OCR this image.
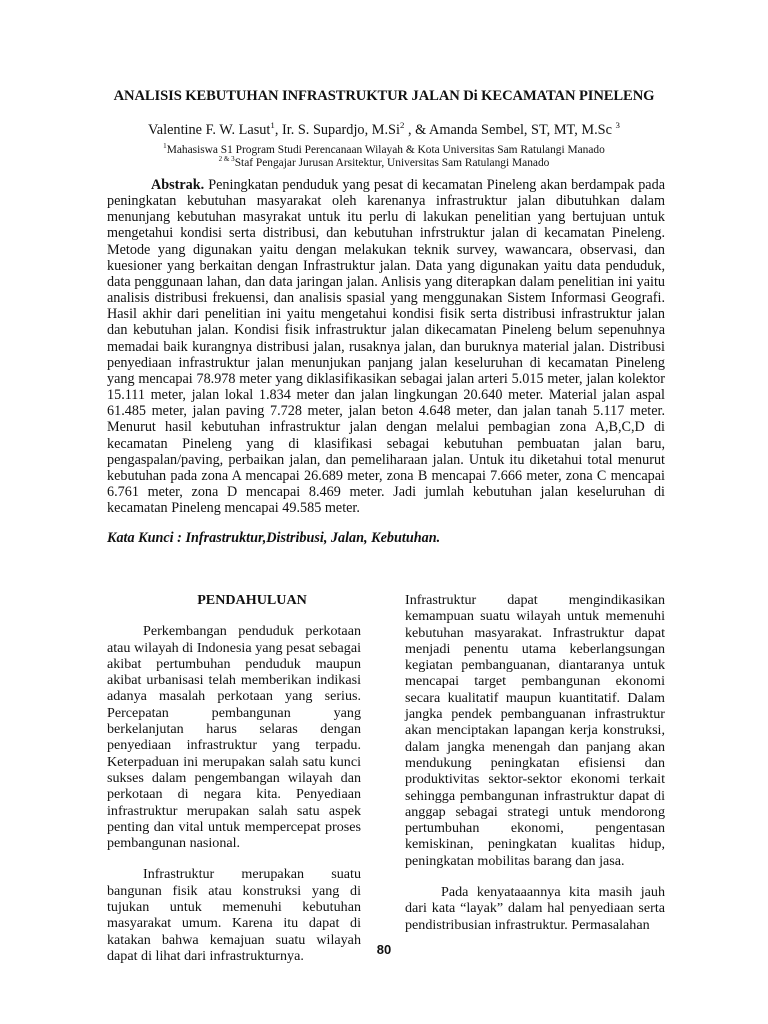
ANALISIS KEBUTUHAN INFRASTRUKTUR JALAN Di KECAMATAN PINELENG
Valentine F. W. Lasut$^1$, Ir. S. Supardjo, M.Si$^2$ , & Amanda Sembel, ST, MT, M.Sc $^3$
$^1$Mahasiswa S1 Program Studi Perencanaan Wilayah & Kota Universitas Sam Ratulangi Manado
$^{2 \& 3}$Staf Pengajar Jurusan Arsitektur, Universitas Sam Ratulangi Manado
Abstrak. Peningkatan penduduk yang pesat di kecamatan Pineleng akan berdampak pada peningkatan kebutuhan masyarakat oleh karenanya infrastruktur jalan dibutuhkan dalam menunjang kebutuhan masyrakat untuk itu perlu di lakukan penelitian yang bertujuan untuk mengetahui kondisi serta distribusi, dan kebutuhan infrstruktur jalan di kecamatan Pineleng. Metode yang digunakan yaitu dengan melakukan teknik survey, wawancara, observasi, dan kuesioner yang berkaitan dengan Infrastruktur jalan. Data yang digunakan yaitu data penduduk, data penggunaan lahan, dan data jaringan jalan. Anlisis yang diterapkan dalam penelitian ini yaitu analisis distribusi frekuensi, dan analisis spasial yang menggunakan Sistem Informasi Geografi. Hasil akhir dari penelitian ini yaitu mengetahui kondisi fisik serta distribusi infrastruktur jalan dan kebutuhan jalan. Kondisi fisik infrastruktur jalan dikecamatan Pineleng belum sepenuhnya memadai baik kurangnya distribusi jalan, rusaknya jalan, dan buruknya material jalan. Distribusi penyediaan infrastruktur jalan menunjukan panjang jalan keseluruhan di kecamatan Pineleng yang mencapai 78.978 meter yang diklasifikasikan sebagai jalan arteri 5.015 meter, jalan kolektor 15.111 meter, jalan lokal 1.834 meter dan jalan lingkungan 20.640 meter. Material jalan aspal 61.485 meter, jalan paving 7.728 meter, jalan beton 4.648 meter, dan jalan tanah 5.117 meter. Menurut hasil kebutuhan infrastruktur jalan dengan melalui pembagian zona A,B,C,D di kecamatan Pineleng yang di klasifikasi sebagai kebutuhan pembuatan jalan baru, pengaspalan/paving, perbaikan jalan, dan pemeliharaan jalan. Untuk itu diketahui total menurut kebutuhan pada zona A mencapai 26.689 meter, zona B mencapai 7.666 meter, zona C mencapai 6.761 meter, zona D mencapai 8.469 meter. Jadi jumlah kebutuhan jalan keseluruhan di kecamatan Pineleng mencapai 49.585 meter.
Kata Kunci : Infrastruktur,Distribusi, Jalan, Kebutuhan.

PENDAHULUAN

Perkembangan penduduk perkotaan atau wilayah di Indonesia yang pesat sebagai akibat pertumbuhan penduduk maupun akibat urbanisasi telah memberikan indikasi adanya masalah perkotaan yang serius. Percepatan pembangunan yang berkelanjutan harus selaras dengan penyediaan infrastruktur yang terpadu. Keterpaduan ini merupakan salah satu kunci sukses dalam pengembangan wilayah dan perkotaan di negara kita. Penyediaan infrastruktur merupakan salah satu aspek penting dan vital untuk mempercepat proses pembangunan nasional.

Infrastruktur merupakan suatu bangunan fisik atau konstruksi yang di tujukan untuk memenuhi kebutuhan masyarakat umum. Karena itu dapat di katakan bahwa kemajuan suatu wilayah dapat di lihat dari infrastrukturnya.

Infrastruktur dapat mengindikasikan kemampuan suatu wilayah untuk memenuhi kebutuhan masyarakat. Infrastruktur dapat menjadi penentu utama keberlangsungan kegiatan pembanguanan, diantaranya untuk mencapai target pembangunan ekonomi secara kualitatif maupun kuantitatif. Dalam jangka pendek pembanguanan infrastruktur akan menciptakan lapangan kerja konstruksi, dalam jangka menengah dan panjang akan mendukung peningkatan efisiensi dan produktivitas sektor-sektor ekonomi terkait sehingga pembangunan infrastruktur dapat di anggap sebagai strategi untuk mendorong pertumbuhan ekonomi, pengentasan kemiskinan, peningkatan kualitas hidup, peningkatan mobilitas barang dan jasa.

Pada kenyataaannya kita masih jauh dari kata “layak” dalam hal penyediaan serta pendistribusian infrastruktur. Permasalahan

80
